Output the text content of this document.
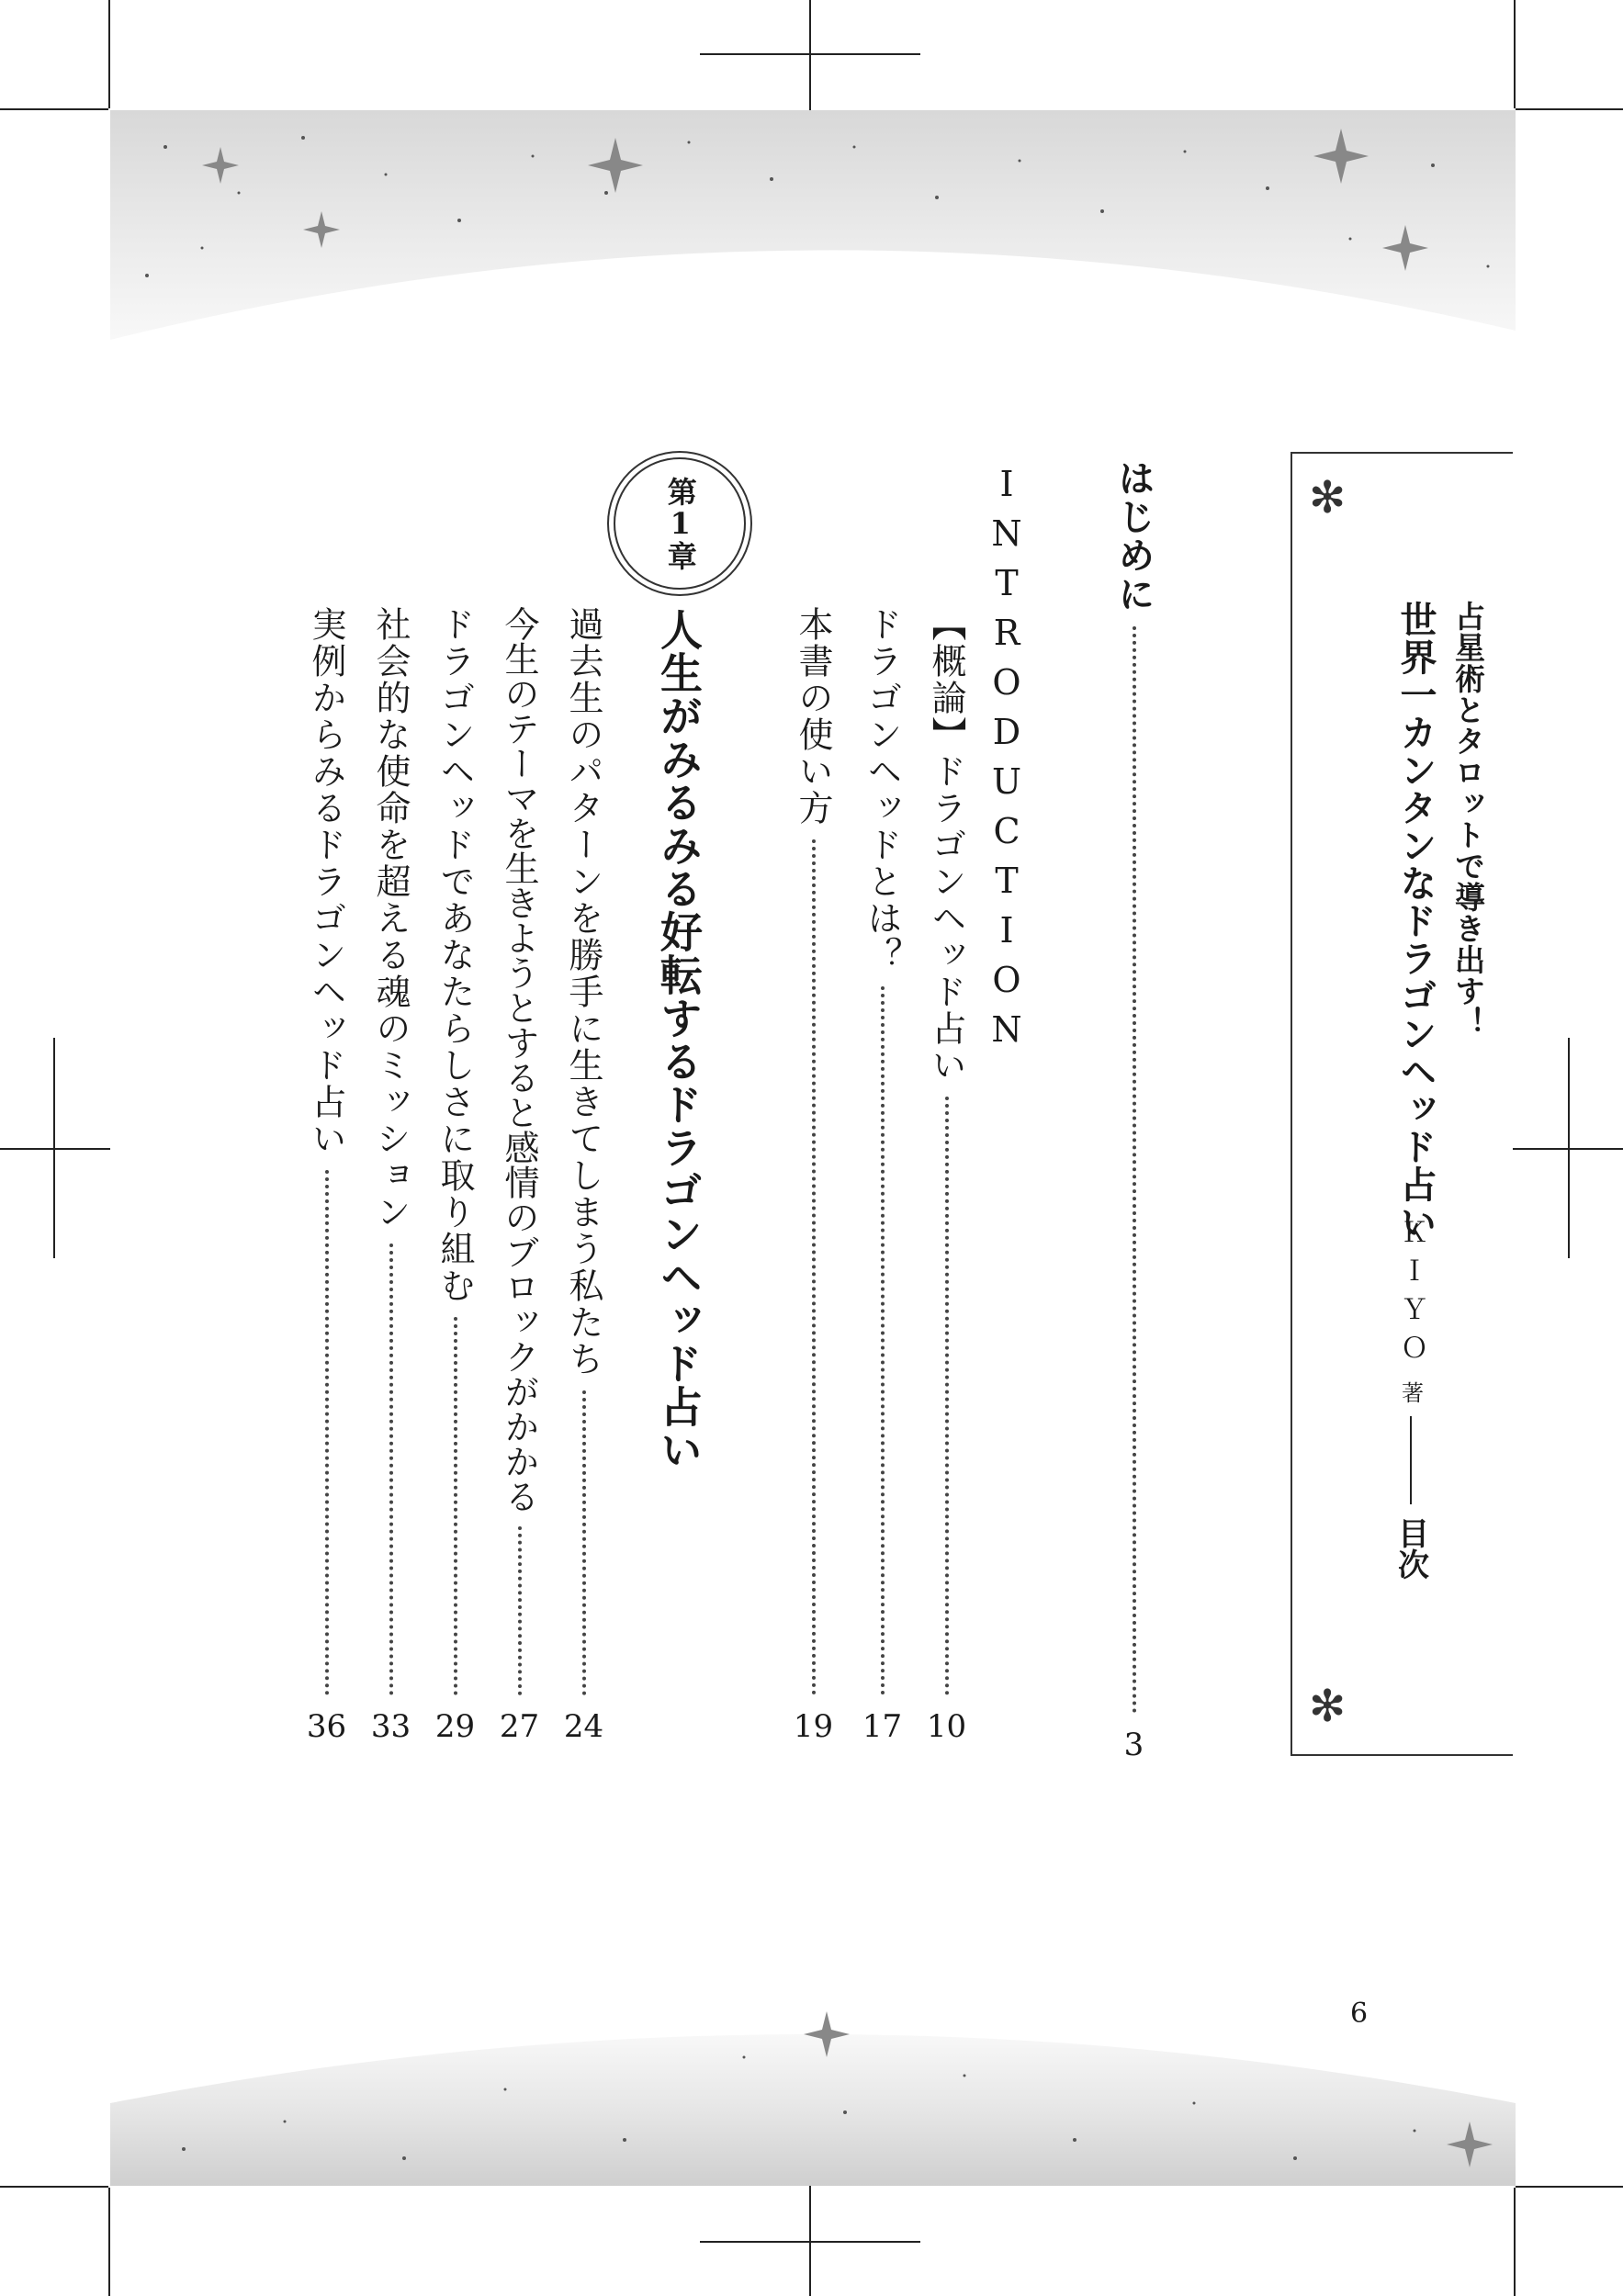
✻
✻
占星術とタロットで導き出す！
世界一カンタンなドラゴンヘッド占い
ＫＩＹＯ
著
目次
はじめに
3
INTRODUCTION
【概論】ドラゴンヘッド占い
10
ドラゴンヘッドとは？
17
本書の使い方
19
第1章
人生がみるみる好転するドラゴンヘッド占い
過去生のパターンを勝手に生きてしまう私たち
24
今生のテーマを生きようとすると感情のブロックがかかる
27
ドラゴンヘッドであなたらしさに取り組む
29
社会的な使命を超える魂のミッション
33
実例からみるドラゴンヘッド占い
36
6
